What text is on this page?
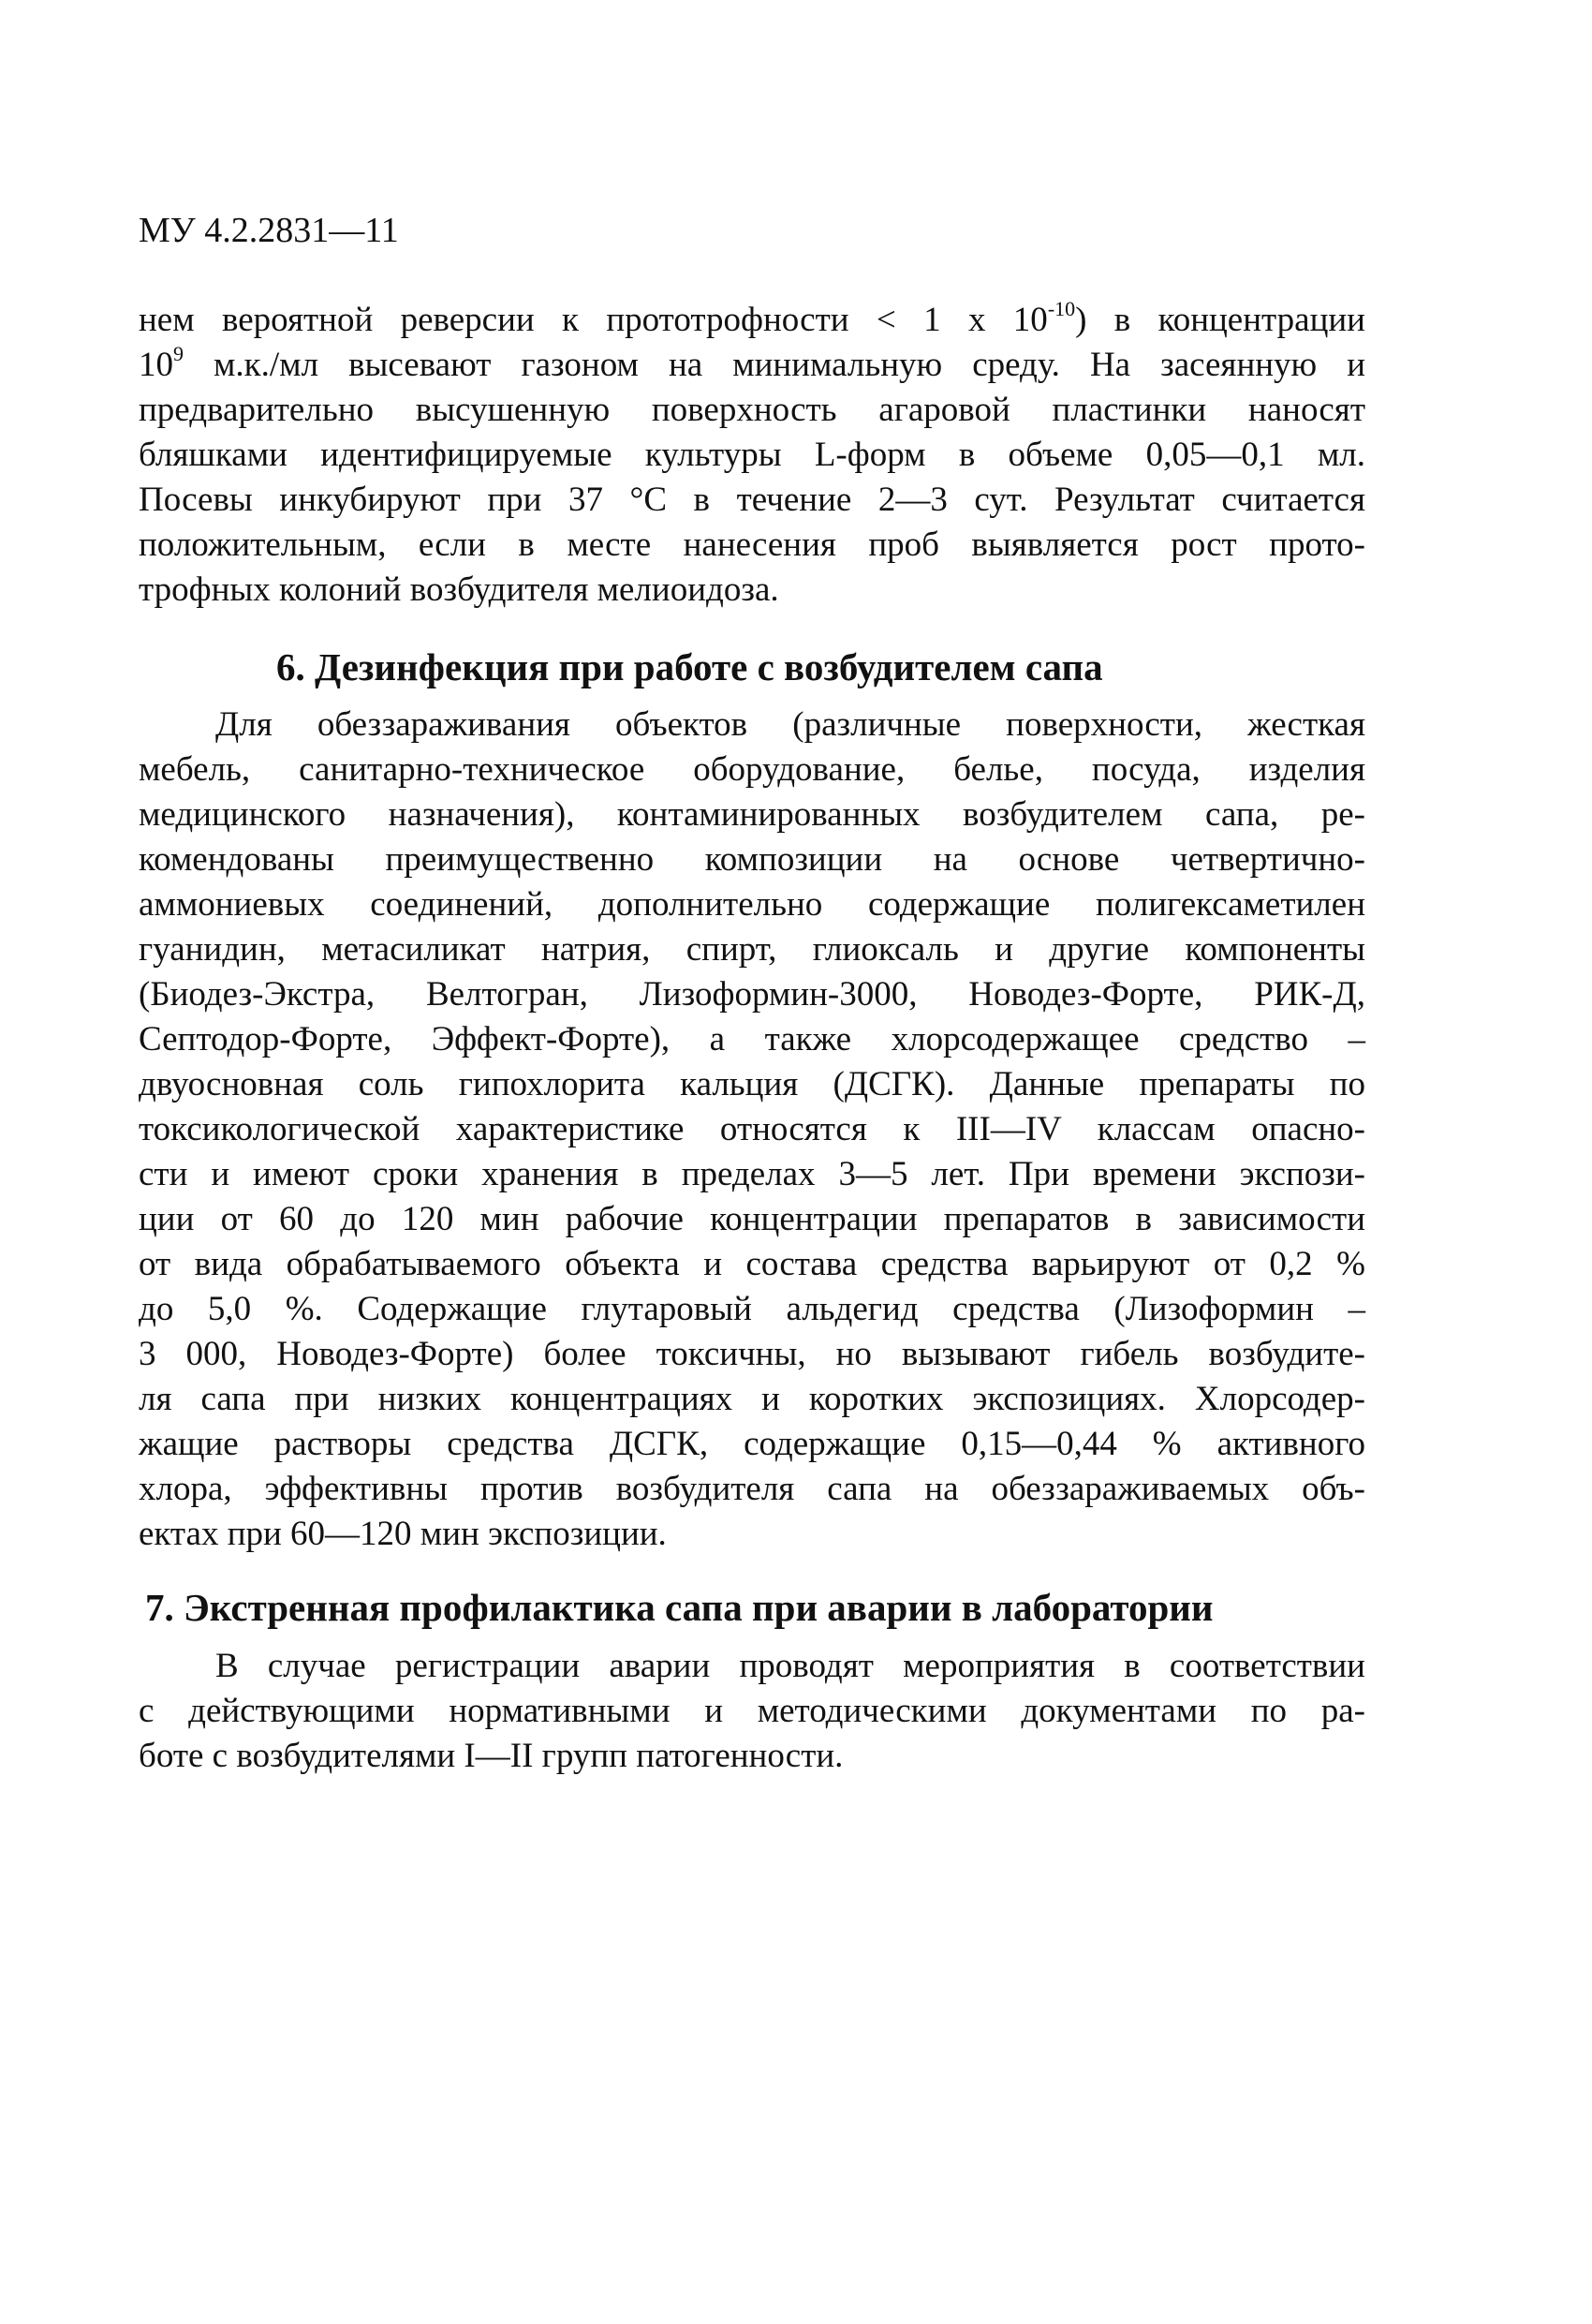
МУ 4.2.2831—11
нем вероятной реверсии к прототрофности < 1 х $10^{-10}$) в концентрации
$10^9$ м.к./мл высевают газоном на минимальную среду. На засеянную и
предварительно высушенную поверхность агаровой пластинки наносят
бляшками идентифицируемые культуры L-форм в объеме 0,05—0,1 мл.
Посевы инкубируют при 37 °С в течение 2—3 сут. Результат считается
положительным, если в месте нанесения проб выявляется рост прото-
трофных колоний возбудителя мелиоидоза.
6. Дезинфекция при работе с возбудителем сапа
Для обеззараживания объектов (различные поверхности, жесткая
мебель, санитарно-техническое оборудование, белье, посуда, изделия
медицинского назначения), контаминированных возбудителем сапа, ре-
комендованы преимущественно композиции на основе четвертично-
аммониевых соединений, дополнительно содержащие полигексаметилен
гуанидин, метасиликат натрия, спирт, глиоксаль и другие компоненты
(Биодез-Экстра, Велтогран, Лизоформин-3000, Новодез-Форте, РИК-Д,
Септодор-Форте, Эффект-Форте), а также хлорсодержащее средство –
двуосновная соль гипохлорита кальция (ДСГК). Данные препараты по
токсикологической характеристике относятся к III—IV классам опасно-
сти и имеют сроки хранения в пределах 3—5 лет. При времени экспози-
ции от 60 до 120 мин рабочие концентрации препаратов в зависимости
от вида обрабатываемого объекта и состава средства варьируют от 0,2 %
до 5,0 %. Содержащие глутаровый альдегид средства (Лизоформин –
3 000, Новодез-Форте) более токсичны, но вызывают гибель возбудите-
ля сапа при низких концентрациях и коротких экспозициях. Хлорсодер-
жащие растворы средства ДСГК, содержащие 0,15—0,44 % активного
хлора, эффективны против возбудителя сапа на обеззараживаемых объ-
ектах при 60—120 мин экспозиции.
7. Экстренная профилактика сапа при аварии в лаборатории
В случае регистрации аварии проводят мероприятия в соответствии
с действующими нормативными и методическими документами по ра-
боте с возбудителями I—II групп патогенности.
